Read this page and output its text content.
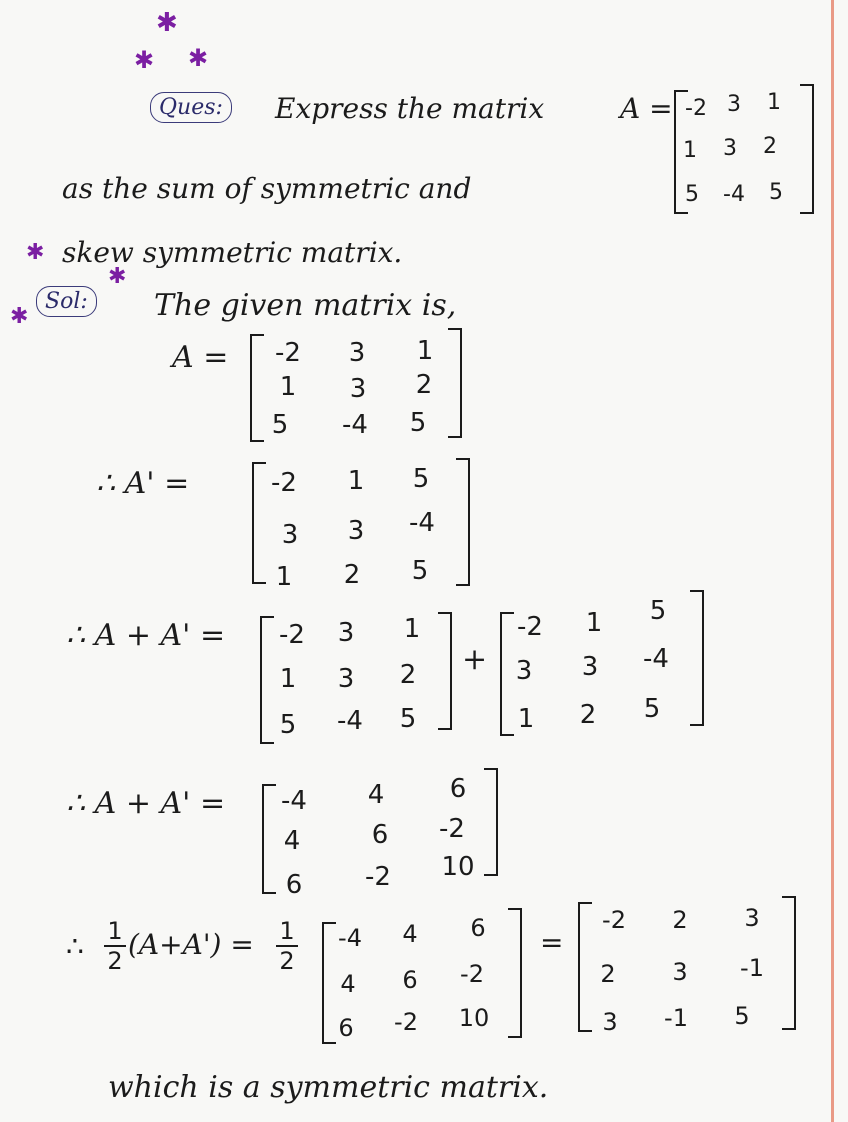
✱
✱ ✱
✱
✱
✱
Ques:	Express the matrix	A =
as the sum of symmetric and
skew symmetric matrix.
-2 3 1
1 3 2
5 -4 5
Sol:	The given matrix is,
A = -2 3 1
1 3 2
5 -4 5
∴ A' =	-2 1 5
3 3 -4
1 2 5
∴ A + A' = -2 3 1
1 3 2
5 -4 5
+
-2 1 5
3 3 -4
1 2 5
∴ A + A' = -4 4	6
4	6 -2
6 -2 10
∴ 1
2 (A+A') = 1
2
-4 4 6
4 6 -2
6 -2 10
=
-2 2 3
2 3 -1
3 -1 5
which is a symmetric matrix.
